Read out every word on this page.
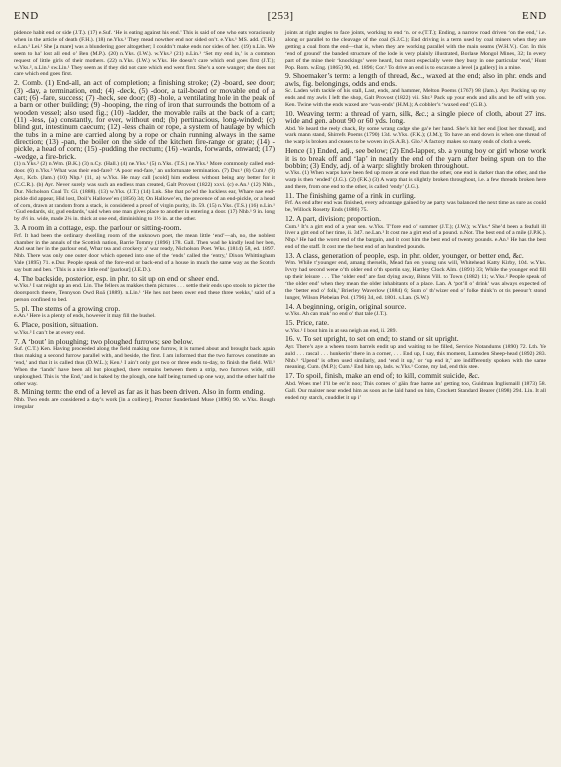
END	[253]	END

pidence habit end or side (J.T.). (17) e.Suf. ‘He is eating against his end.’ This is said of one who eats voraciously when in the article of death (F.H.). (18) ne.Yks.¹ They mead nowther end nor sided on’t. e.Yks.¹ MS. add. (T.H.) e.Lan.¹ Lei.¹ She [a mare] was a blundering goer altogether; I couldn’t make ends nor sides of her. (19) n.Lin. We seem to ha’ lost all end o’ Ben (M.P.). (20) n.Yks. (I.W.). w.Yks.² (21) n.Lin.¹ ‘Set my end in,’ is a common request of little girls of their mothers. (22) n.Yks. (I.W.) w.Yks. He doesn’t care which end goes first (J.T.); w.Yks.², n.Lin.¹ sw.Lin.¹ They seem as if they did not care which end went first. She’s a sore wanger; she does not care which end goes first.

2. Comb. (1) End-all, an act of completion; a finishing stroke; (2) -board, see door; (3) -day, a termination, end; (4) -deck, (5) -door, a tail-board or movable end of a cart; (6) -fare, success; (7) -heck, see door; (8) -hole, a ventilating hole in the peak of a barn or other building; (9) -hooping, the ring of iron that surrounds the bottom of a wooden vessel; also used fig.; (10) -ladder, the movable rails at the back of a cart; (11) -less, (a) constantly, for ever, without end; (b) pertinacious, long-winded; (c) blind gut, intestinum caecum; (12) -less chain or rope, a system of haulage by which the tubs in a mine are carried along by a rope or chain running always in the same direction; (13) -pan, the boiler on the side of the kitchen fire-range or grate; (14) -pickle, a head of corn; (15) -pudding the rectum; (16) -wards, forwards, onward; (17) -wedge, a fire-brick.

(1) n.Yks.² (2) n.Wm. (B.K.) (3) n.Cy. (Hall.) (4) ne.Yks.¹ (5) n.Yks. (T.S.) ne.Yks.¹ More commonly called end-door. (6) n.Yks.² What was their end-fare? ‘A poor end-fare,’ an unfortunate termination. (7) Dur.¹ (8) Cum.¹ (9) Ayr., Kcb. (Jam.) (10) Nhp.¹ (11, a) w.Yks. He may call [scold] him endless without being any better for it (C.C.R.). (b) Ayr. Never surely was such an endless man created, Galt Provost (1822) xxvi. (c) e.An.¹ (12) Nhb., Dur. Nicholson Coal Tr. Gl. (1888). (13) w.Yks. (J.T.) (14) Lnk. She that po’ed the luckless ear, Whare nae end-pickle did appear, Hid lost, Doil’s Hallowe’en (1856) 34; On Hallowe’en, the precence of an end-pickle, or a head of corn, drawn at random from a stack, is considered a proof of virgin purity, ib. 59. (15) n.Yks. (T.S.) (16) n.Lin.¹ ‘Gud endards, sir, gud endards,’ said when one man gives place to another in entering a door. (17) Nhb.¹ 9 in. long by 4½ in. wide, made 2¼ in. thick at one end, diminishing to 1½ in. at the other.

3. A room in a cottage, esp. the parlour or sitting-room.

Frf. It had been the ordinary dwelling room of the unknown poet, the mean little ‘end’—ah, no, the noblest chamber in the annals of the Scottish nation, Barrie Tommy (1896) 178. Gall. Then wad he kindly lead her ben, And seat her in the parlour end, Whar tea and crockery a’ war ready, Nicholson Poet. Wks. (1814) 58, ed. 1897. Nhb. There was only one outer door which opened into one of the ‘ends’ called the ‘entry,’ Dixon Whittingham Vale (1895) 71. e.Dur. People speak of the fore-end or back-end of a house in much the same way as the Scotch say butt and ben. ‘This is a nice little end’ [parlour] (J.E.D.).

4. The backside, posterior, esp. in phr. to sit up on end or sheer end.

w.Yks.¹ I sat reight up an end. Lin. The fellers as makkes them pictures . . . settle their ends upo stools to picter the doorsporch theere, Tennyson Owd Roä (1889). n.Lin.¹ ‘He hes not been ower end these three wekks,’ said of a person confined to bed.

5. pl. The stems of a growing crop.

e.An.¹ Here is a plenty of ends, however it may fill the bushel.

6. Place, position, situation.

w.Yks.² I can’t be at every end.

7. A ‘bout’ in ploughing; two ploughed furrows; see below.

Suf. (C.T.) Ken. Having proceeded along the field making one furrow, it is turned about and brought back again thus making a second furrow parallel with, and beside, the first. I am informed that the two furrows constitute an ‘end,’ and that it is called thus (D.W.L.); Ken.¹ I ain’t only got two or three ends to-day, to finish the field. Wil.¹ When the ‘lands’ have been all but ploughed, there remains between them a strip, two furrows wide, still unploughed. This is ‘the End,’ and is baked by the plough, one half being turned up one way, and the other half the other way.

8. Mining term: the end of a level as far as it has been driven. Also in form ending.

Nhb. Two ends are considered a day’s work [in a colliery], Proctor Sunderland Muse (1896) 90. w.Yks. Rough irregular

joints at right angles to face joints, working to end ‘n. or e.(T.T.); Ending, a narrow road driven ‘on the end,’ i.e. along or parallel to the cleavage of the coal (S.J.C.); End driving is a term used by coal miners when they are getting a coal from the end—that is, when they are working parallel with the main seams (W.H.V.). Cor. In this ‘end of ground’ the banded structure of the lode is very plainly illustrated, Borlase Mongol Mines, 32; In every part of the mine their ‘knockings’ were heard, but most especially were they busy in one particular ‘end,’ Hunt Pop. Rom. w.Eng. (1865) 90, ed. 1896; Cor.¹ To drive an end is to excavate a level [a gallery] in a mine.

9. Shoemaker’s term: a length of thread, &c., waxed at the end; also in phr. ends and awls, fig. belongings, odds and ends.

Sc. Laden with tackle of his stall, Last, ends, and hammer, Melton Poems (1767) 98 (Jam.). Ayr. Packing up my ends and my awls I left the shop, Galt Provost (1822) vii. Shr.² Pack up your ends and alls and be off with you. Ken. Twine with the ends waxed are ‘wax-ends’ (H.M.); A cobbler’s ‘waxed end’ (G.B.).

10. Weaving term: a thread of yarn, silk, &c.; a single piece of cloth, about 27 ins. wide and gen. about 90 or 60 yds. long.

Abd. Ye heard the reely chack, By some wrang cadge she ga’e her hand. She’s hit her end [lost her thread], and wark mann stand, Shirrefs Poems (1790) 134. w.Yks. (F.K.); (J.M.); To have an end down is when one thread of the warp is broken and ceases to be woven in (S.A.B.). Glo.¹ A factory makes so many ends of cloth a week.

Hence (1) Ended, adj., see below; (2) End-lapper, sb. a young boy or girl whose work it is to break off and ‘lap’ in neatly the end of the yarn after being spun on to the bobbin; (3) Endy, adj. of a warp: slightly broken throughout.

w.Yks. (1) When warps have been fed up more at one end than the other, one end is darker than the other, and the warp is then ‘ended’ (J.G.). (2) (F.K.) (3) A warp that is slightly broken throughout, i.e. a few threads broken here and there, from one end to the other, is called ‘endy’ (J.G.).

11. The finishing game of a rink in curling.

Frf. As end after end was finished, every advantage gained by ae party was balanced the next time as sure as could be, Willock Rosetty Ends (1886) 75.

12. A part, division; proportion.

Cum.¹ It’s a girt end of a year sen. w.Yks. T’fore end o’ summer (J.T.); (J.W.); w.Yks.⁴ She’d been a feafull ill liver a girt end of her time, ii. 347. ne.Lan.¹ It cost me a girt end of a pound. n.Not. The best end of a mile (J.P.K.). Nhp.¹ He had the worst end of the bargain, and it cost him the best end of twenty pounds. e.An.¹ He has the best end of the staff. It cost me the best end of an hundred pounds.

13. A class, generation of people, esp. in phr. older, younger, or better end, &c.

Wm. While t’younger end, amang thersells, Mead fan en young uns will, Whitehead Katty Kirby, 104. w.Yks. Ivvry had second wene o’th older end o’th sportin say, Hartley Clock Alm. (1891) 33; While the younger end fill up their leisure . . . The ‘older end’ are fast dying away, Binns Vill. to Town (1882) 11; w.Yks.² People speak of ‘the older end’ when they mean the older inhabitants of a place. Lan. A ‘pot’ll o’ drink’ was always expected of the ‘better end o’ folk,’ Brierley Waverlow (1884) 6; Sum o’ th’wizer end o’ folke think’n ot tis peeour’t stond lunger, Wilson Plebeian Pol. (1796) 34, ed. 1801. s.Lan. (S.W.)

14. A beginning, origin, original source.

w.Yks. Ah can mak’ no end o’ that tale (J.T.).

15. Price, rate.

w.Yks.¹ I bout him in at sea neigh an end, ii. 289.

16. v. To set upright, to set on end; to stand or sit upright.

Ayr. There’s aye a wheen toom barrels endit up and waiting to be filled, Service Notandums (1890) 72. Lth. Ye auld . . . rascal . . . hunkerin’ there in a corner, . . . End up, I say, this moment, Lumsden Sheep-head (1892) 283. Nhb.¹ ‘Upend’ is often used similarly, and ‘end it up,’ or ‘up end it,’ are indifferently spoken with the same meaning. Cum. (M.P.); Cum.¹ End him up, lads. w.Yks.¹ Come, my lad, end this stee.

17. To spoil, finish, make an end of; to kill, commit suicide, &c.

Abd. Woes me! I’ll be en’it noo; This comes o’ gäin frae hame an’ getting too, Guidman Inglismaill (1873) 58. Gall. Our maister near ended him as soon as he laid hand on him, Crockett Standard Bearer (1898) 294. Lin. It all ended my starch, cnuddlet it up i’
